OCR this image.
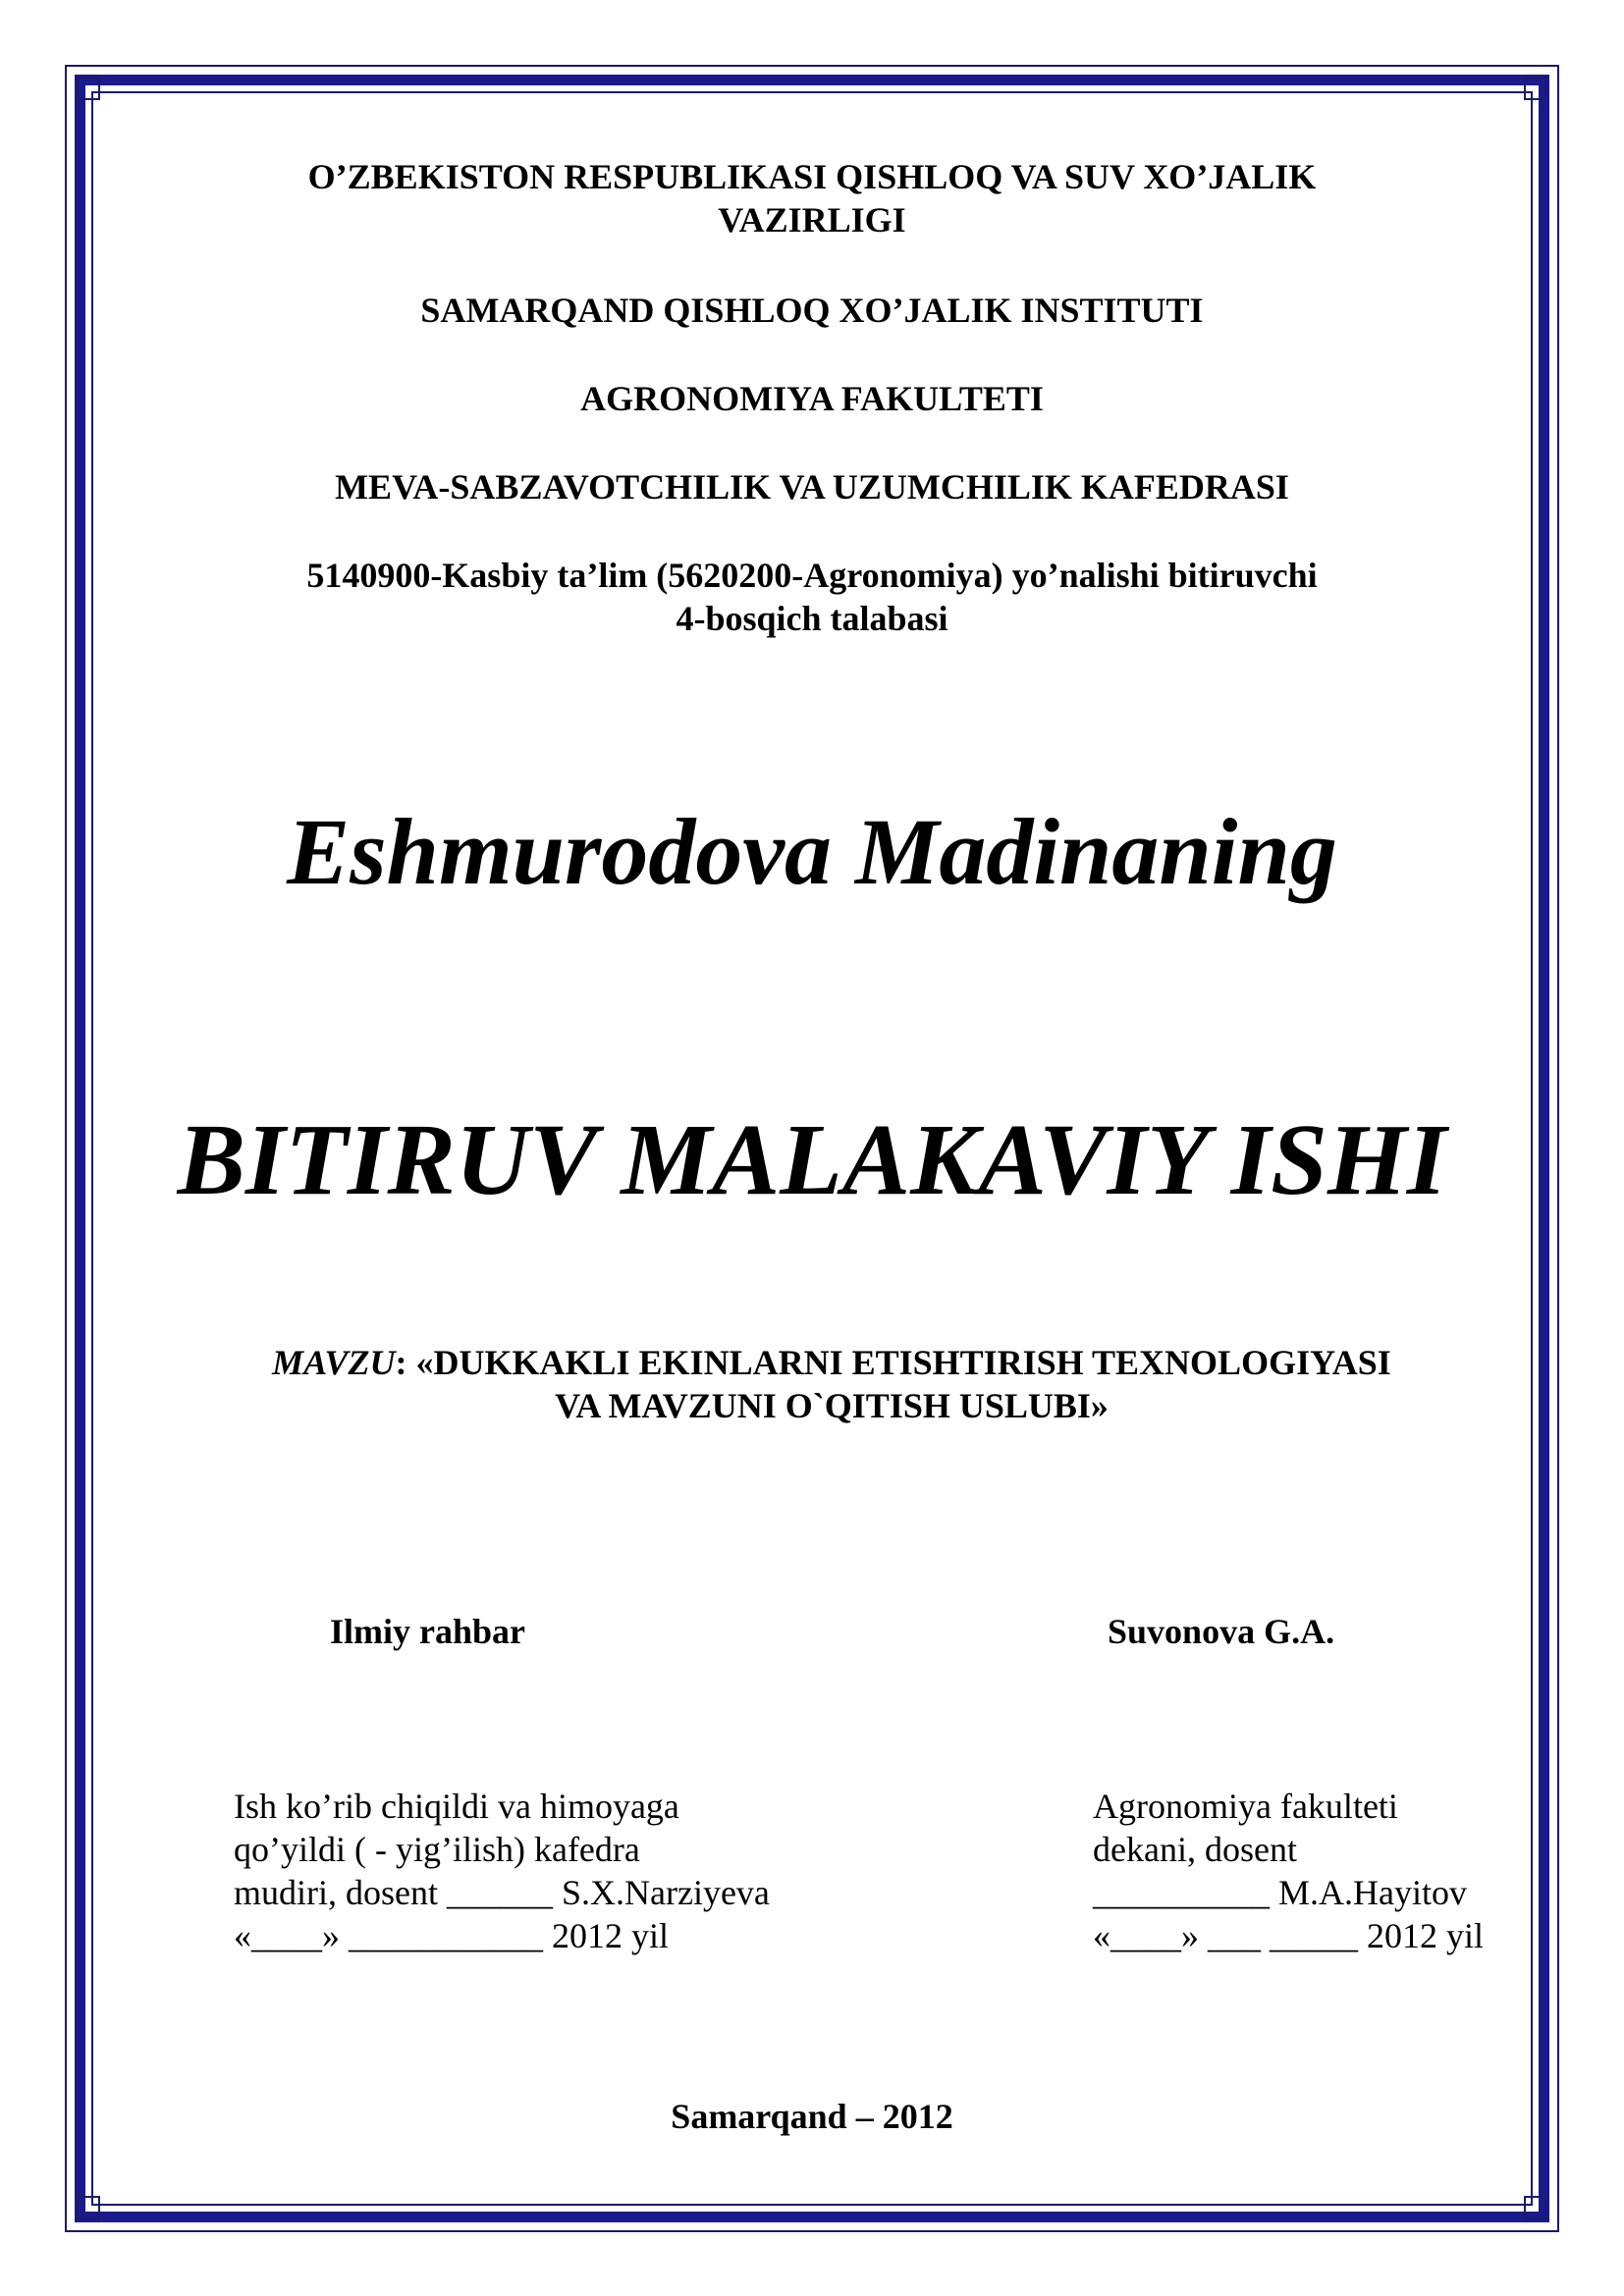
O’ZBEKISTON RESPUBLIKASI QISHLOQ VA SUV XO’JALIK
VAZIRLIGI
SAMARQAND QISHLOQ XO’JALIK INSTITUTI
AGRONOMIYA FAKULTETI
MEVA-SABZAVOTCHILIK VA UZUMCHILIK KAFEDRASI
5140900-Kasbiy ta’lim (5620200-Agronomiya) yo’nalishi bitiruvchi
4-bosqich talabasi
Eshmurodova Madinaning
BITIRUV MALAKAVIY ISHI
MAVZU: «DUKKAKLI EKINLARNI ETISHTIRISH TEXNOLOGIYASI
VA MAVZUNI O`QITISH USLUBI»
Ilmiy rahbar	Suvonova G.A.
Ish ko’rib chiqildi va himoyaga
qo’yildi ( - yig’ilish) kafedra
mudiri, dosent ______ S.X.Narziyeva
«____» ___________ 2012 yil
Agronomiya fakulteti
dekani, dosent
__________ M.A.Hayitov
«____» ___ _____ 2012 yil
Samarqand – 2012
